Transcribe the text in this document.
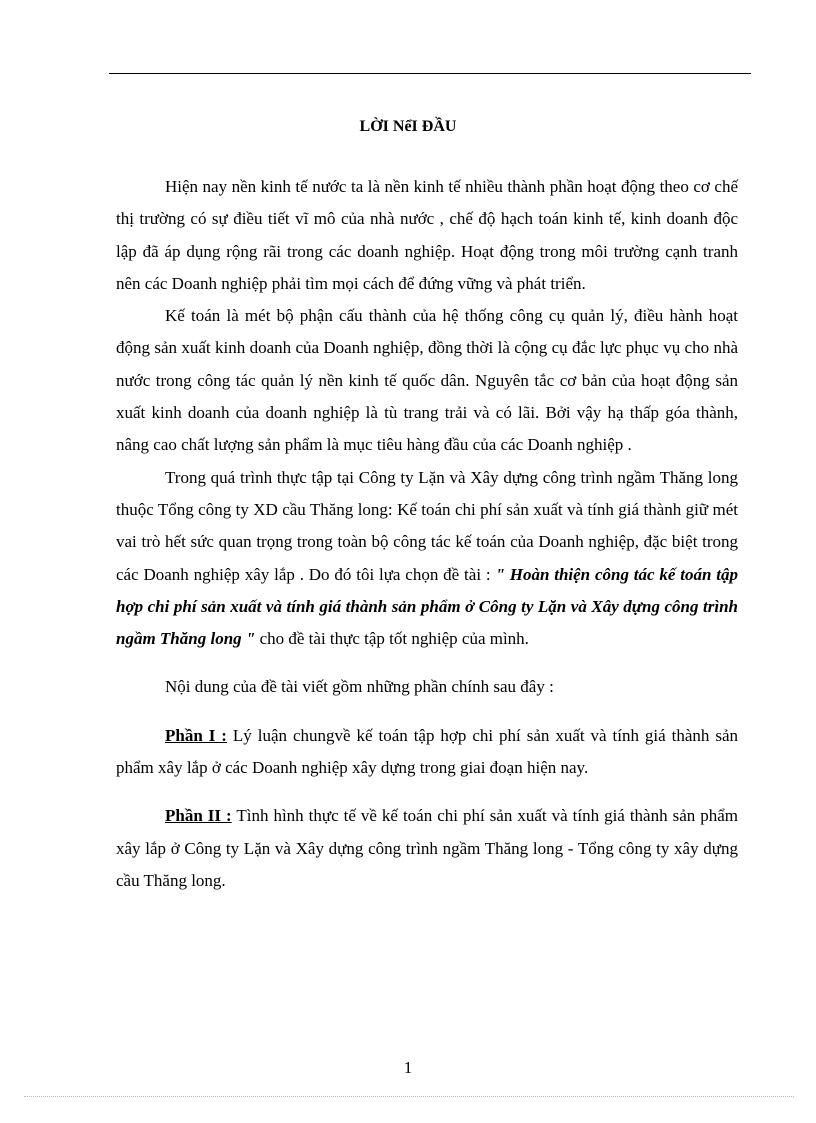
LỜI NểI ĐẦU

Hiện nay nền kinh tế nước ta là nền kinh tế nhiều thành phần hoạt động theo cơ chế thị trường có sự điều tiết vĩ mô của nhà nước , chế độ hạch toán kinh tế, kinh doanh độc lập đã áp dụng rộng rãi trong các doanh nghiệp. Hoạt động trong môi trường cạnh tranh nên các Doanh nghiệp phải tìm mọi cách để đứng vững và phát triển.

Kế toán là mét bộ phận cấu thành của hệ thống công cụ quản lý, điều hành hoạt động sản xuất kinh doanh của Doanh nghiệp, đồng thời là cộng cụ đắc lực phục vụ cho nhà nước trong công tác quản lý nền kinh tế quốc dân. Nguyên tắc cơ bản của hoạt động sản xuất kinh doanh của doanh nghiệp là tù trang trải và có lãi. Bởi vậy hạ thấp góa thành, nâng cao chất lượng sản phẩm là mục tiêu hàng đầu của các Doanh nghiệp .

Trong quá trình thực tập tại Công ty Lặn và Xây dựng công trình ngầm Thăng long thuộc Tổng công ty XD cầu Thăng long: Kế toán chi phí sản xuất và tính giá thành giữ mét vai trò hết sức quan trọng trong toàn bộ công tác kế toán của Doanh nghiệp, đặc biệt trong các Doanh nghiệp xây lắp . Do đó tôi lựa chọn đề tài : " Hoàn thiện công tác kế toán tập hợp chi phí sản xuất và tính giá thành sản phẩm ở Công ty Lặn và Xây dựng công trình ngầm Thăng long " cho đề tài thực tập tốt nghiệp của mình.

Nội dung của đề tài viết gồm những phần chính sau đây :

Phần I : Lý luận chungvề kế toán tập hợp chi phí sản xuất và tính giá thành sản phẩm xây lắp ở các Doanh nghiệp xây dựng trong giai đoạn hiện nay.

Phần II : Tình hình thực tế về kế toán chi phí sản xuất và tính giá thành sản phẩm xây lắp ở Công ty Lặn và Xây dựng công trình ngầm Thăng long - Tổng công ty xây dựng cầu Thăng long.

1
